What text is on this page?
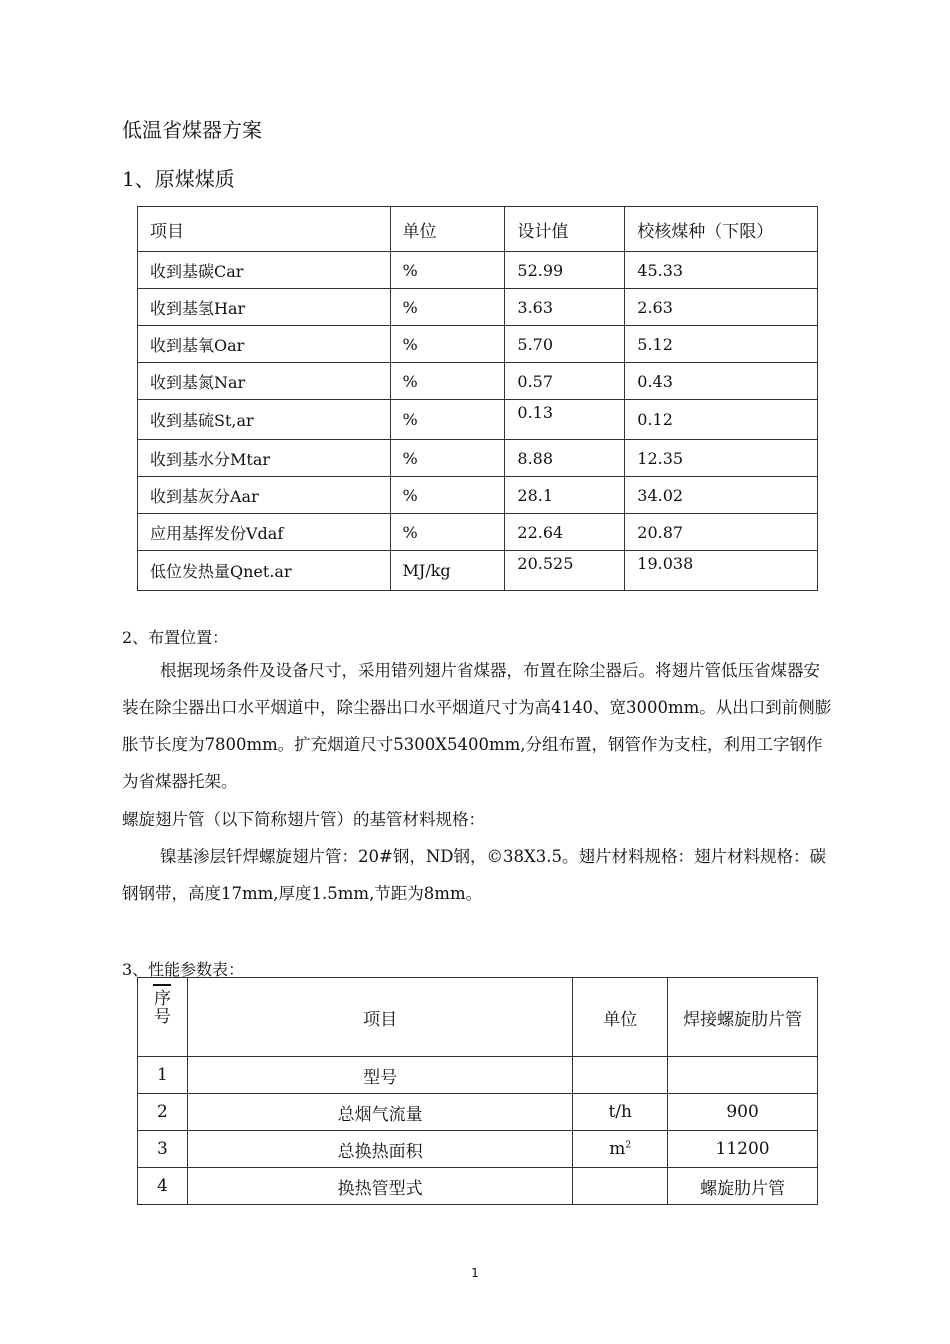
低温省煤器方案
1、原煤煤质
项目	单位	设计值	校核煤种（下限）
收到基碳Car	%	52.99	45.33
收到基氢Har	%	3.63	2.63
收到基氧Oar	%	5.70	5.12
收到基氮Nar	%	0.57	0.43
收到基硫St,ar	%	0.13	0.12
收到基水分Mtar	%	8.88	12.35
收到基灰分Aar	%	28.1	34.02
应用基挥发份Vdaf	%	22.64	20.87
低位发热量Qnet.ar	MJ/kg	20.525	19.038
2、布置位置：
根据现场条件及设备尺寸，采用错列翅片省煤器，布置在除尘器后。将翅片管低压省煤器安装在除尘器出口水平烟道中，除尘器出口水平烟道尺寸为高4140、宽3000mm。从出口到前侧膨胀节长度为7800mm。扩充烟道尺寸5300X5400mm,分组布置，钢管作为支柱，利用工字钢作为省煤器托架。
螺旋翅片管（以下简称翅片管）的基管材料规格：
镍基渗层钎焊螺旋翅片管：20#钢，ND钢，©38X3.5。翅片材料规格：翅片材料规格：碳钢钢带，高度17mm,厚度1.5mm,节距为8mm。
3、性能参数表：
序号	项目	单位	焊接螺旋肋片管
1	型号		
2	总烟气流量	t/h	900
3	总换热面积	$m^2$	11200
4	换热管型式		螺旋肋片管
1
